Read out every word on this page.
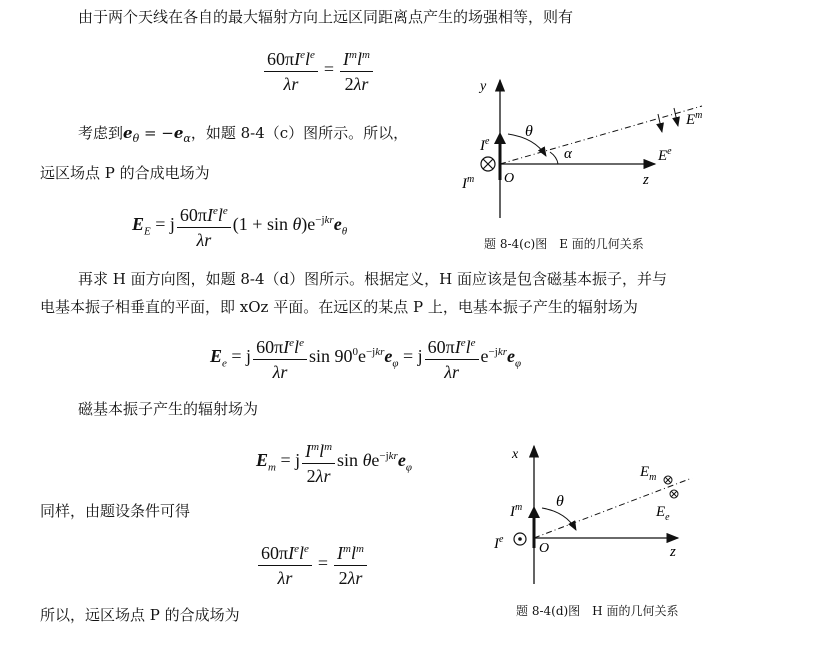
由于两个天线在各自的最大辐射方向上远区同距离点产生的场强相等，则有
$\frac{60\pi I^el^e}{\lambda r} = \frac{I^ml^m}{2\lambda r}$
考虑到$e_\theta = -e_\alpha$，如题 8-4（c）图所示。所以，
远区场点 P 的合成电场为
$E_E = j \frac{60\pi I^el^e}{\lambda r} (1 + \sin \theta)e^{-jkr}e_\theta$
y
θ
α
O	z
Ie
$I^m$
$E^m$
$E^e$
题 8-4(c)图　E 面的几何关系
再求 H 面方向图，如题 8-4（d）图所示。根据定义，H 面应该是包含磁基本振子，并与
电基本振子相垂直的平面，即 xOz 平面。在远区的某点 P 上，电基本振子产生的辐射场为
$E_e = j \frac{60\pi I^el^e}{\lambda r}$ $\sin 90^0e^{-jkr}e_\varphi = j \frac{60\pi I^el^e}{\lambda r} e^{-jkr}e_\varphi$
磁基本振子产生的辐射场为
$E_m = j \frac{I^ml^m}{2\lambda r}$ $\sin \theta e^{-jkr}e_\varphi$
同样，由题设条件可得
$\frac{60\pi I^el^e}{\lambda r} = \frac{I^ml^m}{2\lambda r}$
所以，远区场点 P 的合成场为
x
θ
O	z
$I^m$
Ie
$E_m$
$E_e$
题 8-4(d)图　H 面的几何关系
